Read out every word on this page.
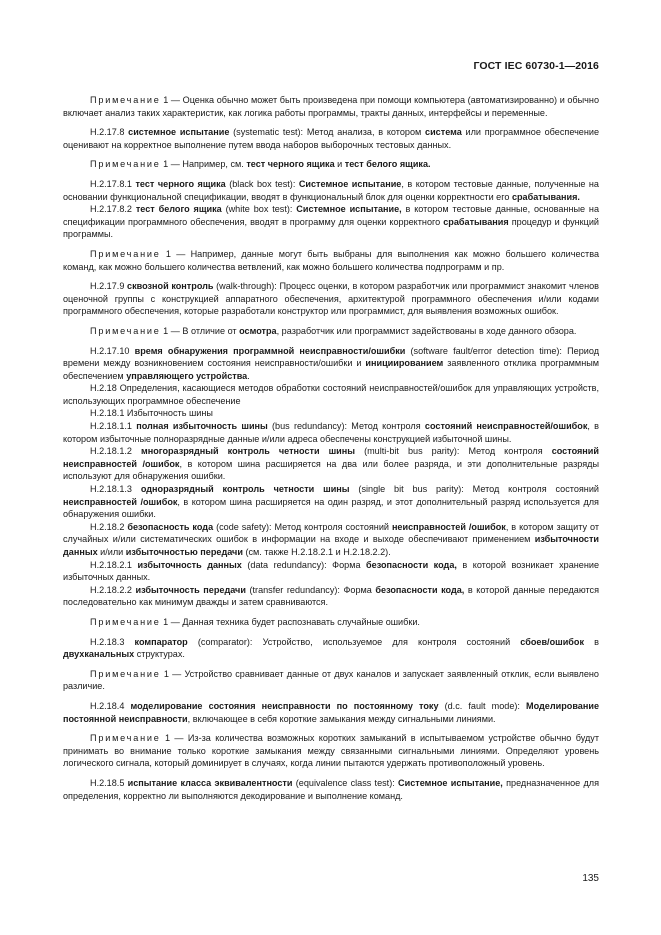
ГОСТ IEC 60730-1—2016

Примечание 1 — Оценка обычно может быть произведена при помощи компьютера (автоматизированно) и обычно включает анализ таких характеристик, как логика работы программы, тракты данных, интерфейсы и переменные.

H.2.17.8 системное испытание (systematic test): Метод анализа, в котором система или программное обеспечение оценивают на корректное выполнение путем ввода наборов выборочных тестовых данных.

Примечание 1 — Например, см. тест черного ящика и тест белого ящика.

H.2.17.8.1 тест черного ящика (black box test): Системное испытание, в котором тестовые данные, полученные на основании функциональной спецификации, вводят в функциональный блок для оценки корректности его срабатывания.

H.2.17.8.2 тест белого ящика (white box test): Системное испытание, в котором тестовые данные, основанные на спецификации программного обеспечения, вводят в программу для оценки корректного срабатывания процедур и функций программы.

Примечание 1 — Например, данные могут быть выбраны для выполнения как можно большего количества команд, как можно большего количества ветвлений, как можно большего количества подпрограмм и пр.

H.2.17.9 сквозной контроль (walk-through): Процесс оценки, в котором разработчик или программист знакомит членов оценочной группы с конструкцией аппаратного обеспечения, архитектурой программного обеспечения и/или кодами программного обеспечения, которые разработали конструктор или программист, для выявления возможных ошибок.

Примечание 1 — В отличие от осмотра, разработчик или программист задействованы в ходе данного обзора.

H.2.17.10 время обнаружения программной неисправности/ошибки (software fault/error detection time): Период времени между возникновением состояния неисправности/ошибки и инициированием заявленного отклика программным обеспечением управляющего устройства.

H.2.18 Определения, касающиеся методов обработки состояний неисправностей/ошибок для управляющих устройств, использующих программное обеспечение

H.2.18.1 Избыточность шины

H.2.18.1.1 полная избыточность шины (bus redundancy): Метод контроля состояний неисправностей/ошибок, в котором избыточные полноразрядные данные и/или адреса обеспечены конструкцией избыточной шины.

H.2.18.1.2 многоразрядный контроль четности шины (multi-bit bus parity): Метод контроля состояний неисправностей /ошибок, в котором шина расширяется на два или более разряда, и эти дополнительные разряды используют для обнаружения ошибки.

H.2.18.1.3 одноразрядный контроль четности шины (single bit bus parity): Метод контроля состояний неисправностей /ошибок, в котором шина расширяется на один разряд, и этот дополнительный разряд используется для обнаружения ошибки.

H.2.18.2 безопасность кода (code safety): Метод контроля состояний неисправностей /ошибок, в котором защиту от случайных и/или систематических ошибок в информации на входе и выходе обеспечивают применением избыточности данных и/или избыточностью передачи (см. также H.2.18.2.1 и H.2.18.2.2).

H.2.18.2.1 избыточность данных (data redundancy): Форма безопасности кода, в которой возникает хранение избыточных данных.

H.2.18.2.2 избыточность передачи (transfer redundancy): Форма безопасности кода, в которой данные передаются последовательно как минимум дважды и затем сравниваются.

Примечание 1 — Данная техника будет распознавать случайные ошибки.

H.2.18.3 компаратор (comparator): Устройство, используемое для контроля состояний сбоев/ошибок в двухканальных структурах.

Примечание 1 — Устройство сравнивает данные от двух каналов и запускает заявленный отклик, если выявлено различие.

H.2.18.4 моделирование состояния неисправности по постоянному току (d.c. fault mode): Моделирование постоянной неисправности, включающее в себя короткие замыкания между сигнальными линиями.

Примечание 1 — Из-за количества возможных коротких замыканий в испытываемом устройстве обычно будут принимать во внимание только короткие замыкания между связанными сигнальными линиями. Определяют уровень логического сигнала, который доминирует в случаях, когда линии пытаются удержать противоположный уровень.

H.2.18.5 испытание класса эквивалентности (equivalence class test): Системное испытание, предназначенное для определения, корректно ли выполняются декодирование и выполнение команд.

135
